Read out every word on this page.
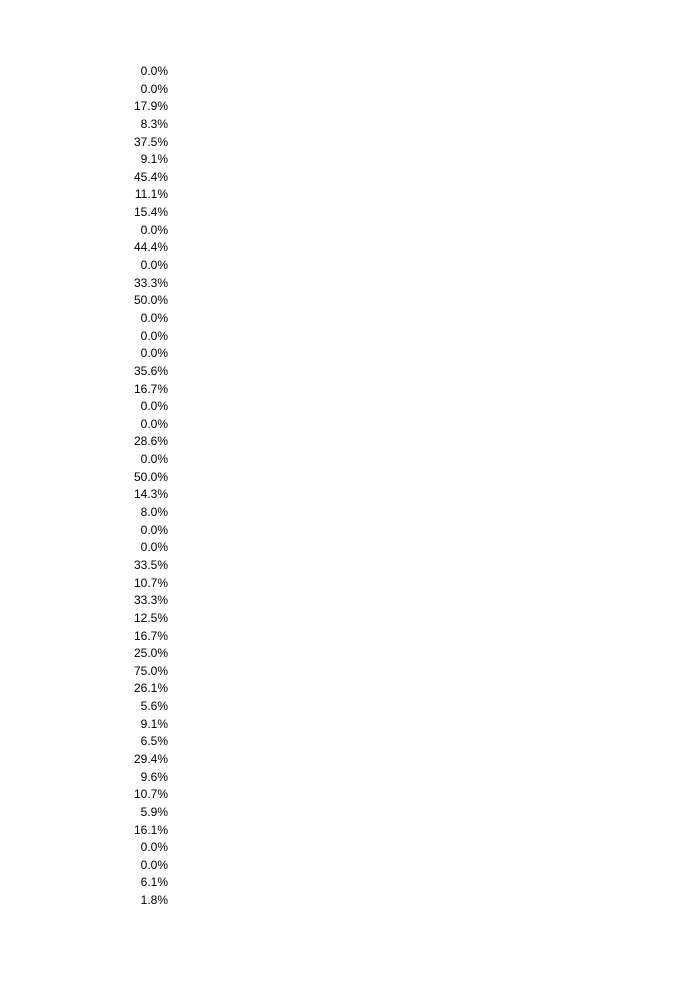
0.0%
0.0%
17.9%
8.3%
37.5%
9.1%
45.4%
11.1%
15.4%
0.0%
44.4%
0.0%
33.3%
50.0%
0.0%
0.0%
0.0%
35.6%
16.7%
0.0%
0.0%
28.6%
0.0%
50.0%
14.3%
8.0%
0.0%
0.0%
33.5%
10.7%
33.3%
12.5%
16.7%
25.0%
75.0%
26.1%
5.6%
9.1%
6.5%
29.4%
9.6%
10.7%
5.9%
16.1%
0.0%
0.0%
6.1%
1.8%
